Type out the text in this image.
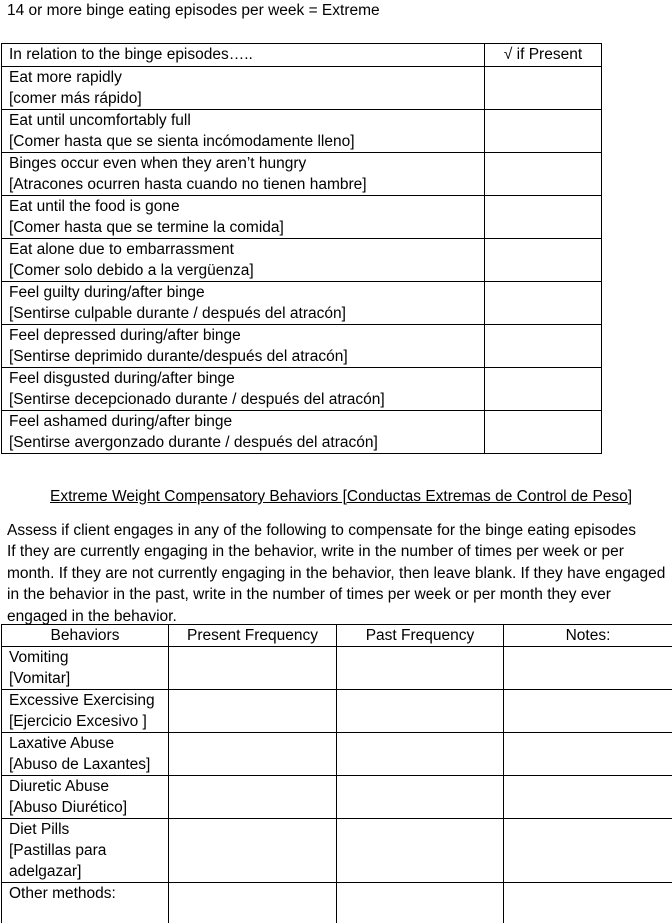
14 or more binge eating episodes per week = Extreme
In relation to the binge episodes…..	√ if Present

Eat more rapidly
[comer más rápido]	

Eat until uncomfortably full
[Comer hasta que se sienta incómodamente lleno]	

Binges occur even when they aren’t hungry
[Atracones ocurren hasta cuando no tienen hambre]	

Eat until the food is gone
[Comer hasta que se termine la comida]	

Eat alone due to embarrassment
[Comer solo debido a la vergüenza]	

Feel guilty during/after binge
[Sentirse culpable durante / después del atracón]	

Feel depressed during/after binge
[Sentirse deprimido durante/después del atracón]	

Feel disgusted during/after binge
[Sentirse decepcionado durante / después del atracón]	

Feel ashamed during/after binge
[Sentirse avergonzado durante / después del atracón]	

Extreme Weight Compensatory Behaviors [Conductas Extremas de Control de Peso]

Assess if client engages in any of the following to compensate for the binge eating episodes

If they are currently engaging in the behavior, write in the number of times per week or per month. If they are not currently engaging in the behavior, then leave blank. If they have engaged in the behavior in the past, write in the number of times per week or per month they ever engaged in the behavior.

Behaviors	Present Frequency	Past Frequency	Notes:

Vomiting
[Vomitar]			

Excessive Exercising
[Ejercicio Excesivo ]			

Laxative Abuse
[Abuso de Laxantes]			

Diuretic Abuse
[Abuso Diurético]			

Diet Pills
[Pastillas para adelgazar]			

Other methods:			
